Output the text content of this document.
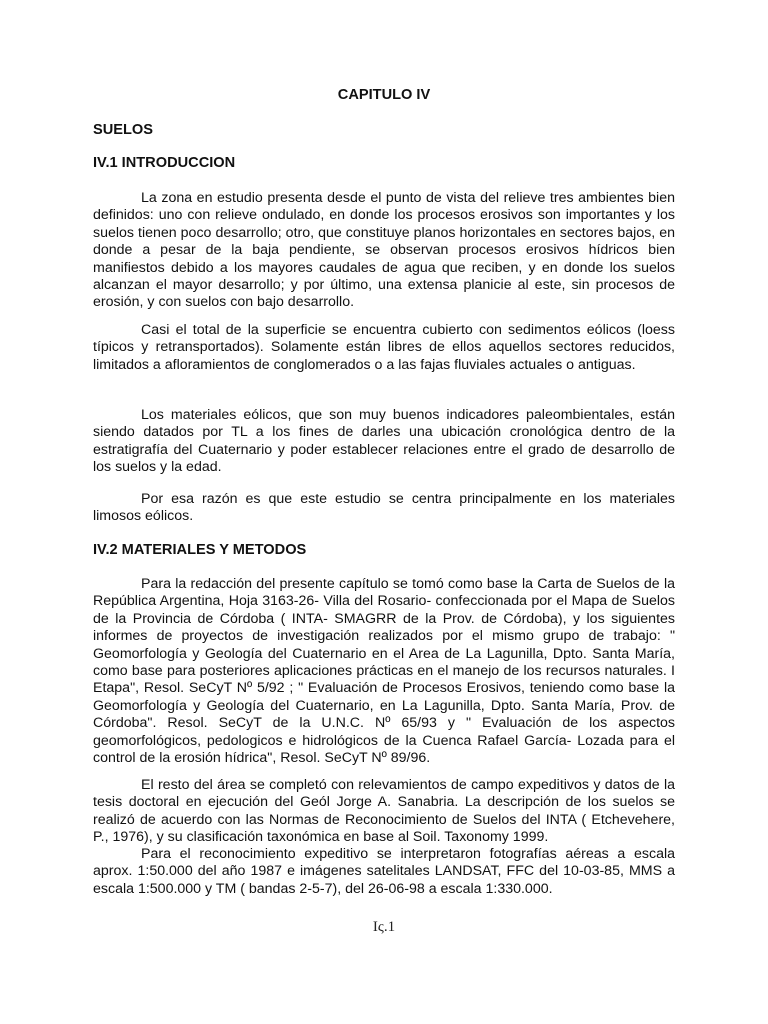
CAPITULO IV
SUELOS
IV.1 INTRODUCCION

La zona en estudio presenta desde el punto de vista del relieve tres ambientes bien definidos: uno con relieve ondulado, en donde los procesos erosivos son importantes y los suelos tienen poco desarrollo; otro, que constituye planos horizontales en sectores bajos, en donde a pesar de la baja pendiente, se observan procesos erosivos hídricos bien manifiestos debido a los mayores caudales de agua que reciben, y en donde los suelos alcanzan el mayor desarrollo; y por último, una extensa planicie al este, sin procesos de erosión, y con suelos con bajo desarrollo.

Casi el total de la superficie se encuentra cubierto con sedimentos eólicos (loess típicos y retransportados). Solamente están libres de ellos aquellos sectores reducidos, limitados a afloramientos de conglomerados o a las fajas fluviales actuales o antiguas.

Los materiales eólicos, que son muy buenos indicadores paleombientales, están siendo datados por TL a los fines de darles una ubicación cronológica dentro de la estratigrafía del Cuaternario y poder establecer relaciones entre el grado de desarrollo de los suelos y la edad.

Por esa razón es que este estudio se centra principalmente en los materiales limosos eólicos.

IV.2 MATERIALES Y METODOS

Para la redacción del presente capítulo se tomó como base la Carta de Suelos de la República Argentina, Hoja 3163-26- Villa del Rosario- confeccionada por el Mapa de Suelos de la Provincia de Córdoba ( INTA- SMAGRR de la Prov. de Córdoba), y los siguientes informes de proyectos de investigación realizados por el mismo grupo de trabajo: " Geomorfología y Geología del Cuaternario en el Area de La Lagunilla, Dpto. Santa María, como base para posteriores aplicaciones prácticas en el manejo de los recursos naturales. I Etapa", Resol. SeCyT Nº 5/92 ; " Evaluación de Procesos Erosivos, teniendo como base la Geomorfología y Geología del Cuaternario, en La Lagunilla, Dpto. Santa María, Prov. de Córdoba". Resol. SeCyT de la U.N.C. Nº 65/93 y " Evaluación de los aspectos geomorfológicos, pedologicos e hidrológicos de la Cuenca Rafael García- Lozada para el control de la erosión hídrica", Resol. SeCyT Nº 89/96.

El resto del área se completó con relevamientos de campo expeditivos y datos de la tesis doctoral en ejecución del Geól Jorge A. Sanabria. La descripción de los suelos se realizó de acuerdo con las Normas de Reconocimiento de Suelos del INTA ( Etchevehere, P., 1976), y su clasificación taxonómica en base al Soil. Taxonomy 1999.

Para el reconocimiento expeditivo se interpretaron fotografías aéreas a escala aprox. 1:50.000 del año 1987 e imágenes satelitales LANDSAT, FFC del 10-03-85, MMS a escala 1:500.000 y TM ( bandas 2-5-7), del 26-06-98 a escala 1:330.000.

Iς.1
